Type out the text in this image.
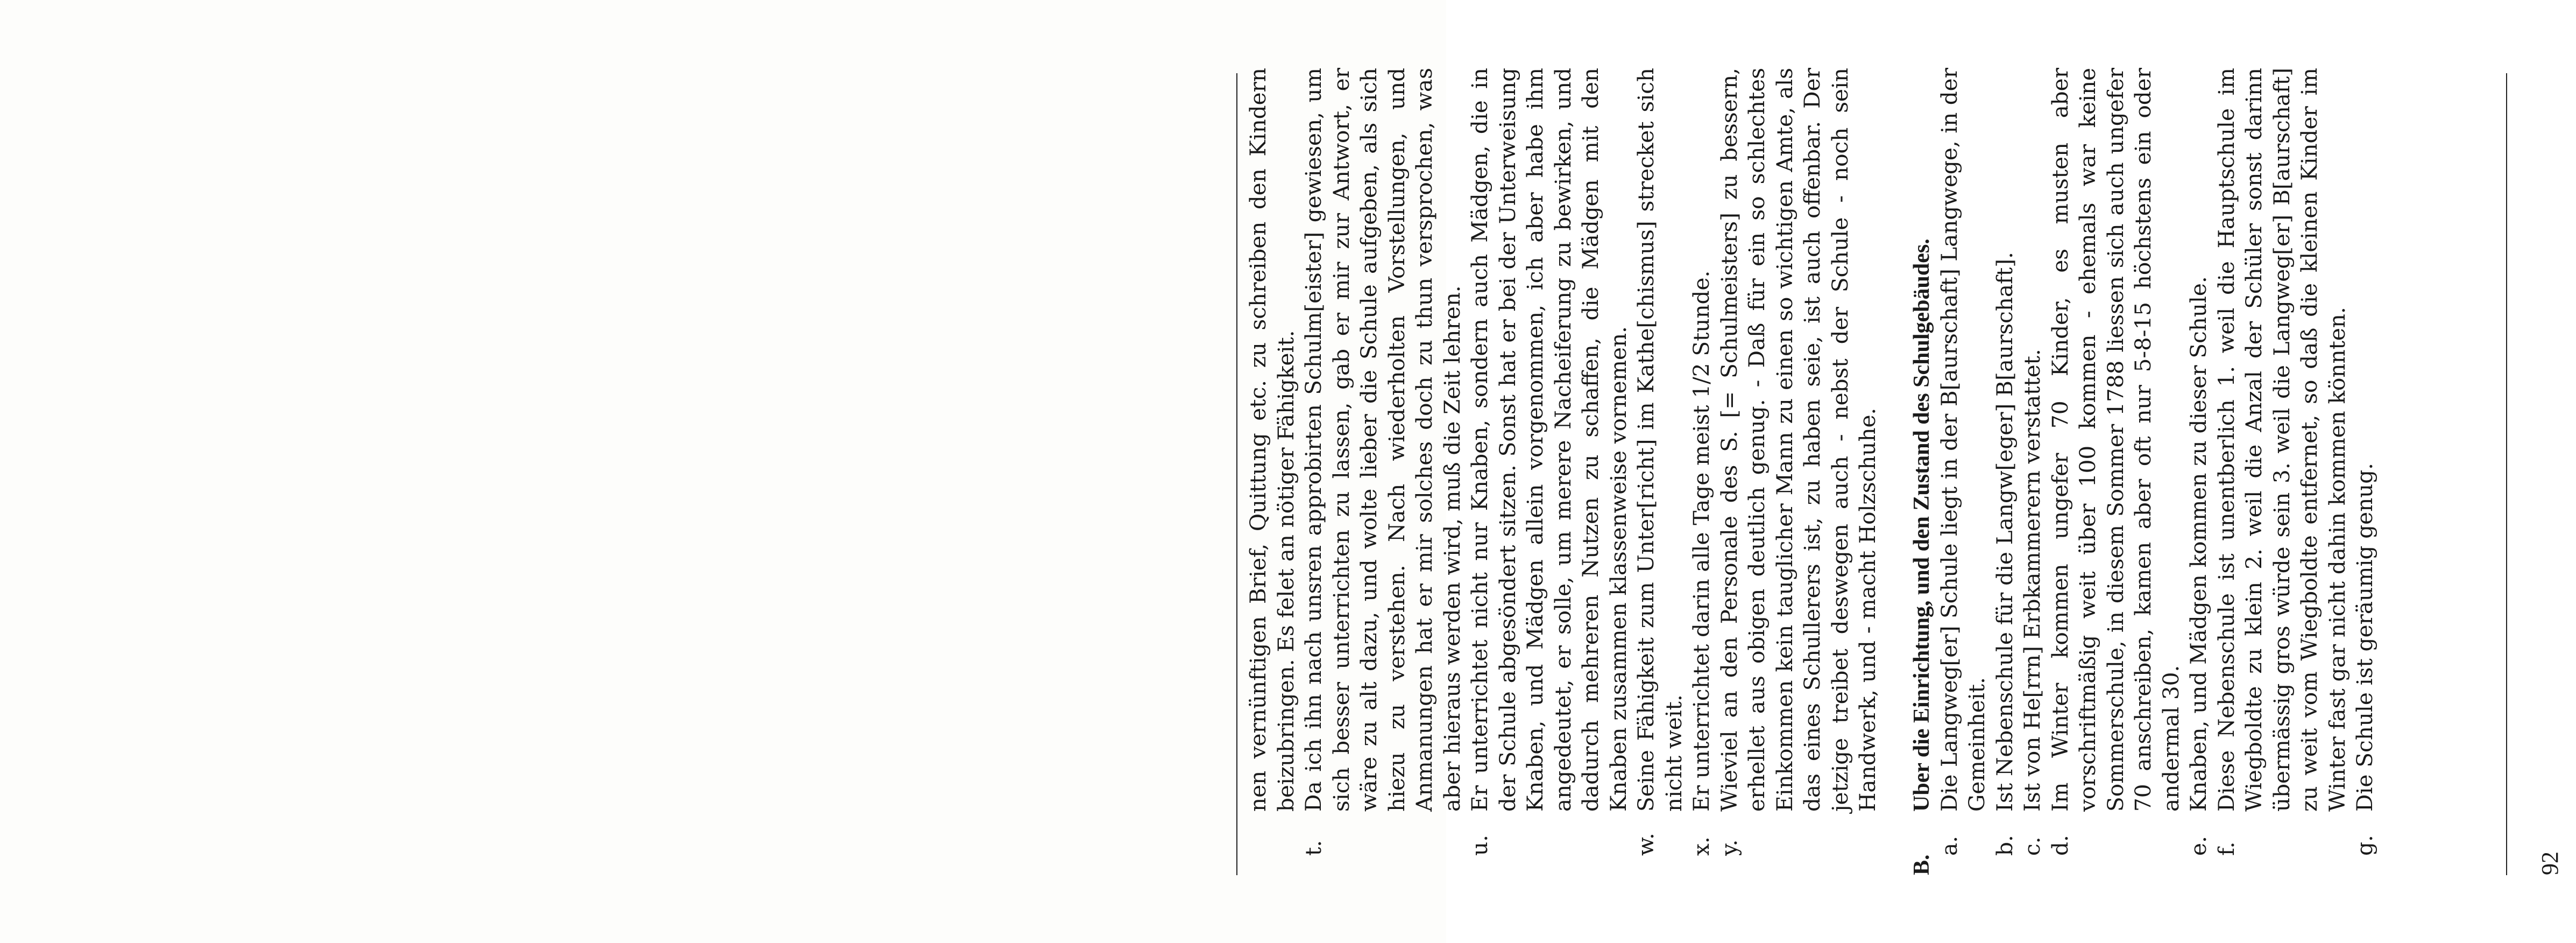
nen vernünftigen Brief, Quittung etc. zu schreiben den Kindern beizubringen. Es felet an nötiger Fähigkeit.
t.
Da ich ihn nach unsren approbirten Schulm[eister] gewiesen, um sich besser unterrichten zu lassen, gab er mir zur Antwort, er wäre zu alt dazu, und wolte lieber die Schule aufgeben, als sich hiezu zu verstehen. Nach wiederholten Vorstellungen, und Anmanungen hat er mir solches doch zu thun versprochen, was aber hieraus werden wird, muß die Zeit lehren.
u.
Er unterrichtet nicht nur Knaben, sondern auch Mädgen, die in der Schule abgesöndert sitzen. Sonst hat er bei der Unterweisung Knaben, und Mädgen allein vorgenommen, ich aber habe ihm angedeutet, er solle, um merere Nacheiferung zu bewirken, und dadurch mehreren Nutzen zu schaffen, die Mädgen mit den Knaben zusammen klassenweise vornemen.
w.
Seine Fähigkeit zum Unter[richt] im Kathe[chismus] strecket sich nicht weit.
x.
Er unterrichtet darin alle Tage meist 1/2 Stunde.
y.
Wieviel an den Personale des S. [= Schulmeisters] zu bessern, erhellet aus obigen deutlich genug. - Daß für ein so schlechtes Einkommen kein tauglicher Mann zu einen so wichtigen Amte, als das eines Schullerers ist, zu haben seie, ist auch offenbar. Der jetzige treibet deswegen auch - nebst der Schule - noch sein Handwerk, und - macht Holzschuhe.
B.
Uber die Einrichtung, und den Zustand des Schulgebäudes.
a.
Die Langweg[er] Schule liegt in der B[aurschaft] Langwege, in der Gemeinheit.
b.
Ist Nebenschule für die Langw[eger] B[aurschaft].
c.
Ist von He[rrn] Erbkammerern verstattet.
d.
Im Winter kommen ungefer 70 Kinder, es musten aber vorschriftmäßig weit über 100 kommen - ehemals war keine Sommerschule, in diesem Sommer 1788 liessen sich auch ungefer 70 anschreiben, kamen aber oft nur 5-8-15 höchstens ein oder andermal 30.
e.
Knaben, und Mädgen kommen zu dieser Schule.
f.
Diese Nebenschule ist unentberlich 1. weil die Hauptschule im Wiegboldte zu klein 2. weil die Anzal der Schüler sonst darinn übermässig gros würde sein 3. weil die Langweg[er] B[aurschaft] zu weit vom Wiegboldte entfernet, so daß die kleinen Kinder im Winter fast gar nicht dahin kommen könnten.
g.
Die Schule ist geräumig genug.
92
